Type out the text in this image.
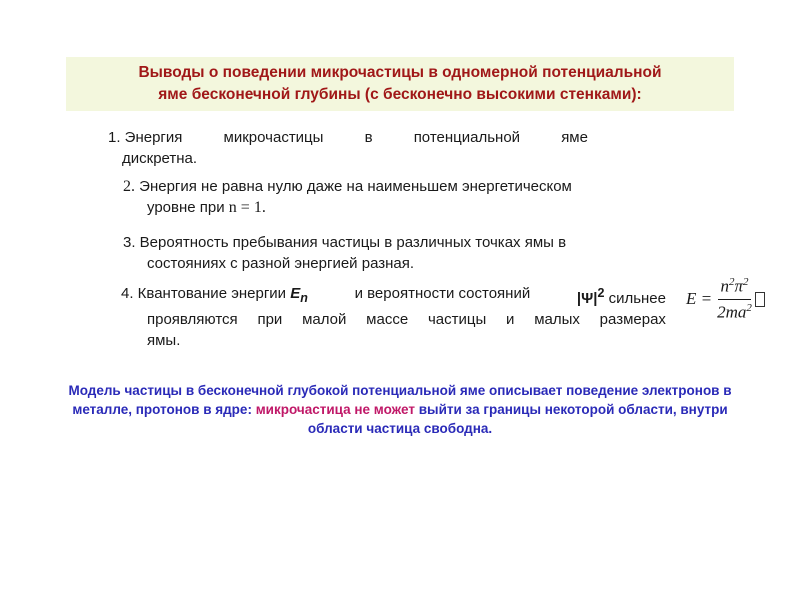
Выводы о поведении микрочастицы в одномерной потенциальной
яме бесконечной глубины (с бесконечно высокими стенками):
1. Энергия	микрочастицы	в	потенциальной	яме
дискретна.
2. Энергия не равна нулю даже на наименьшем энергетическом
уровне при n = 1.
3. Вероятность пребывания частицы в различных точках ямы в
состояниях с разной энергией разная.
4. Квантование энергии $E_n$	и вероятности состояний	$|\Psi|^2$ сильнее
проявляются при малой массе частицы и малых размерах
ямы.
$E = \frac{n^2\pi^2}{2ma^2}$
Модель частицы в бесконечной глубокой потенциальной яме описывает поведение электронов в металле, протонов в ядре: микрочастица не может выйти за границы некоторой области, внутри области частица свободна.
